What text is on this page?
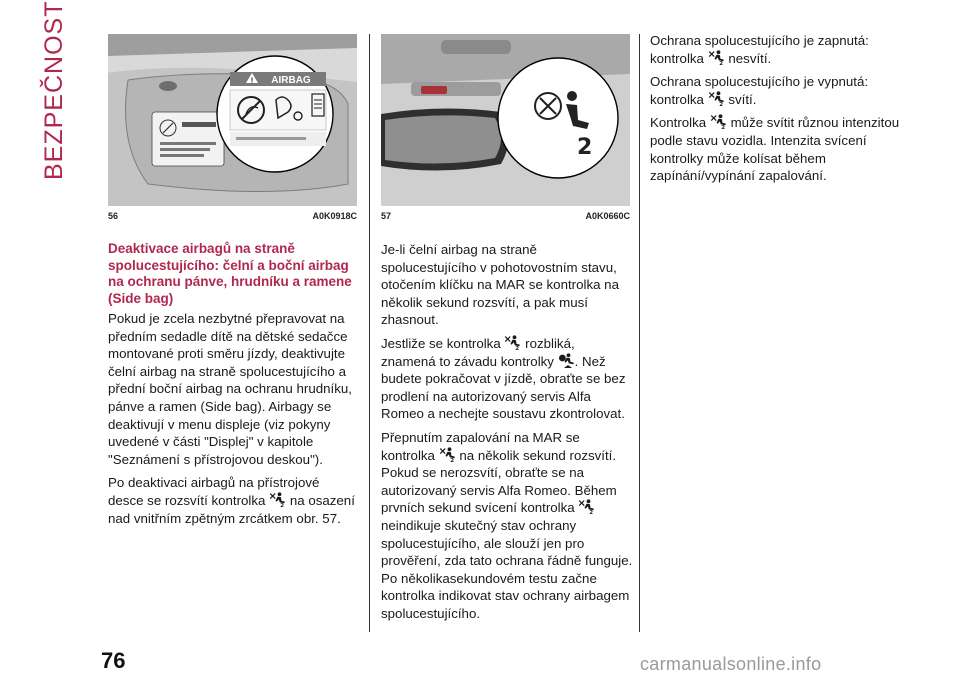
BEZPEČNOST	! AIRBAG
56	A0K0918C
2
57	A0K0660C
Deaktivace airbagů na straně spolucestujícího: čelní a boční airbag na ochranu pánve, hrudníku a ramene (Side bag)

Pokud je zcela nezbytné přepravovat na předním sedadle dítě na dětské sedačce montované proti směru jízdy, deaktivujte čelní airbag na straně spolucestujícího a přední boční airbag na ochranu hrudníku, pánve a ramen (Side bag). Airbagy se deaktivují v menu displeje (viz pokyny uvedené v části "Displej" v kapitole "Seznámení s přístrojovou deskou").

Po deaktivaci airbagů na přístrojové desce se rozsvítí kontrolka na osazení nad vnitřním zpětným zrcátkem obr. 57.

Je-li čelní airbag na straně spolucestujícího v pohotovostním stavu, otočením klíčku na MAR se kontrolka na několik sekund rozsvítí, a pak musí zhasnout.

Jestliže se kontrolka rozbliká, znamená to závadu kontrolky . Než budete pokračovat v jízdě, obraťte se bez prodlení na autorizovaný servis Alfa Romeo a nechejte soustavu zkontrolovat.

Přepnutím zapalování na MAR se kontrolka na několik sekund rozsvítí. Pokud se nerozsvítí, obraťte se na autorizovaný servis Alfa Romeo. Během prvních sekund svícení kontrolka  neindikuje skutečný stav ochrany spolucestujícího, ale slouží jen pro prověření, zda tato ochrana řádně funguje. Po několikasekundovém testu začne kontrolka indikovat stav ochrany airbagem spolucestujícího.

Ochrana spolucestujícího je zapnutá:
kontrolka nesvítí.

Ochrana spolucestujícího je vypnutá:
kontrolka svítí.

Kontrolka může svítit různou intenzitou podle stavu vozidla. Intenzita svícení kontrolky může kolísat během zapínání/vypínání zapalování.

76	carmanualsonline.info
